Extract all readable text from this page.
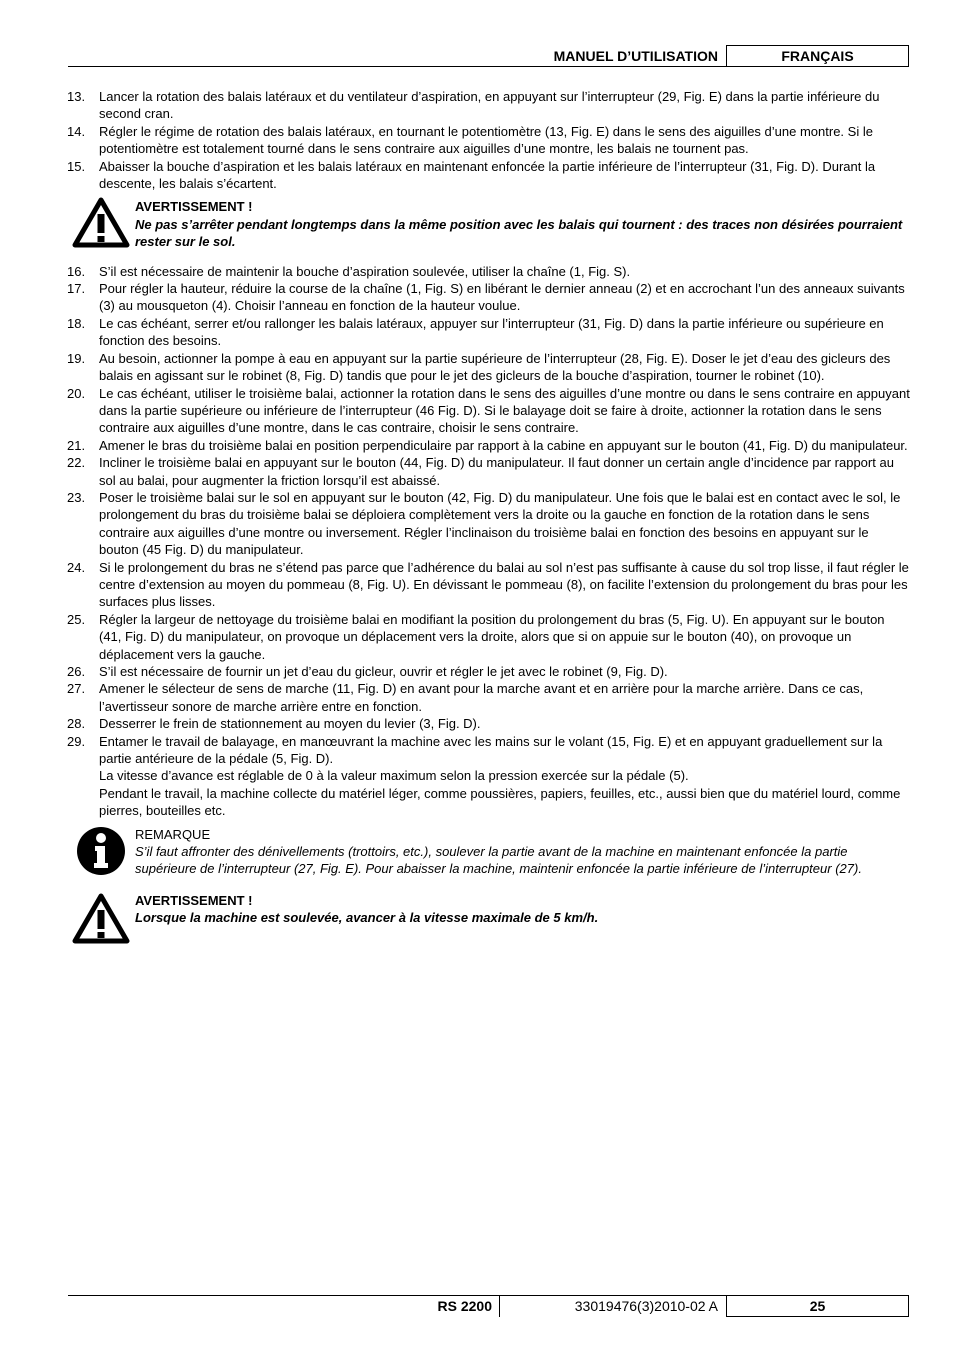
MANUEL D’UTILISATION	FRANÇAIS
13.	Lancer la rotation des balais latéraux et du ventilateur d’aspiration, en appuyant sur l’interrupteur (29, Fig. E) dans la partie inférieure du second cran.
14.	Régler le régime de rotation des balais latéraux, en tournant le potentiomètre (13, Fig. E) dans le sens des aiguilles d’une montre. Si le potentiomètre est totalement tourné dans le sens contraire aux aiguilles d’une montre, les balais ne tournent pas.
15.	Abaisser la bouche d’aspiration et les balais latéraux en maintenant enfoncée la partie inférieure de l’interrupteur (31, Fig. D). Durant la descente, les balais s’écartent.
AVERTISSEMENT !
Ne pas s’arrêter pendant longtemps dans la même position avec les balais qui tournent : des traces non désirées pourraient rester sur le sol.
16.	S’il est nécessaire de maintenir la bouche d’aspiration soulevée, utiliser la chaîne (1, Fig. S).
17.	Pour régler la hauteur, réduire la course de la chaîne (1, Fig. S) en libérant le dernier anneau (2) et en accrochant l’un des anneaux suivants (3) au mousqueton (4). Choisir l’anneau en fonction de la hauteur voulue.
18.	Le cas échéant, serrer et/ou rallonger les balais latéraux, appuyer sur l’interrupteur (31, Fig. D) dans la partie inférieure ou supérieure en fonction des besoins.
19.	Au besoin, actionner la pompe à eau en appuyant sur la partie supérieure de l’interrupteur (28, Fig. E). Doser le jet d’eau des gicleurs des balais en agissant sur le robinet (8, Fig. D) tandis que pour le jet des gicleurs de la bouche d’aspiration, tourner le robinet (10).
20.	Le cas échéant, utiliser le troisième balai, actionner la rotation dans le sens des aiguilles d’une montre ou dans le sens contraire en appuyant dans la partie supérieure ou inférieure de l’interrupteur (46 Fig. D). Si le balayage doit se faire à droite, actionner la rotation dans le sens contraire aux aiguilles d’une montre, dans le cas contraire, choisir le sens contraire.
21.	Amener le bras du troisième balai en position perpendiculaire par rapport à la cabine en appuyant sur le bouton (41, Fig. D) du manipulateur.
22.	Incliner le troisième balai en appuyant sur le bouton (44, Fig. D) du manipulateur. Il faut donner un certain angle d’incidence par rapport au sol au balai, pour augmenter la friction lorsqu’il est abaissé.
23.	Poser le troisième balai sur le sol en appuyant sur le bouton (42, Fig. D) du manipulateur. Une fois que le balai est en contact avec le sol, le prolongement du bras du troisième balai se déploiera complètement vers la droite ou la gauche en fonction de la rotation dans le sens contraire aux aiguilles d’une montre ou inversement. Régler l’inclinaison du troisième balai en fonction des besoins en appuyant sur le bouton (45 Fig. D) du manipulateur.
24.	Si le prolongement du bras ne s’étend pas parce que l’adhérence du balai au sol n’est pas suffisante à cause du sol trop lisse, il faut régler le centre d’extension au moyen du pommeau (8, Fig. U). En dévissant le pommeau (8), on facilite l’extension du prolongement du bras pour les surfaces plus lisses.
25.	Régler la largeur de nettoyage du troisième balai en modifiant la position du prolongement du bras (5, Fig. U). En appuyant sur le bouton (41, Fig. D) du manipulateur, on provoque un déplacement vers la droite, alors que si on appuie sur le bouton (40), on provoque un déplacement vers la gauche.
26.	S’il est nécessaire de fournir un jet d’eau du gicleur, ouvrir et régler le jet avec le robinet (9, Fig. D).
27.	Amener le sélecteur de sens de marche (11, Fig. D) en avant pour la marche avant et en arrière pour la marche arrière. Dans ce cas, l’avertisseur sonore de marche arrière entre en fonction.
28.	Desserrer le frein de stationnement au moyen du levier (3, Fig. D).
29.	Entamer le travail de balayage, en manœuvrant la machine avec les mains sur le volant (15, Fig. E) et en appuyant graduellement sur la partie antérieure de la pédale (5, Fig. D).
La vitesse d’avance est réglable de 0 à la valeur maximum selon la pression exercée sur la pédale (5).
Pendant le travail, la machine collecte du matériel léger, comme poussières, papiers, feuilles, etc., aussi bien que du matériel lourd, comme pierres, bouteilles etc.
REMARQUE
S’il faut affronter des dénivellements (trottoirs, etc.), soulever la partie avant de la machine en maintenant enfoncée la partie supérieure de l’interrupteur (27, Fig. E). Pour abaisser la machine, maintenir enfoncée la partie inférieure de l’interrupteur (27).
AVERTISSEMENT !
Lorsque la machine est soulevée, avancer à la vitesse maximale de 5 km/h.
RS 2200	33019476(3)2010-02 A	25
